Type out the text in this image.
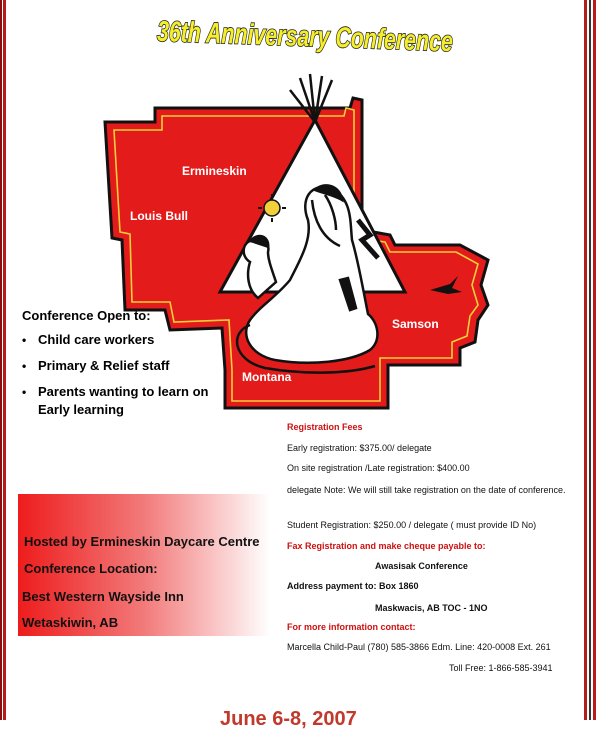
36th Anniversary Conference
Ermineskin
Louis Bull
Samson
Montana
Conference Open to:
• Child care workers
• Primary & Relief staff
• Parents wanting to learn on Early learning
Hosted by Ermineskin Daycare Centre
Conference Location:
Best Western Wayside Inn
Wetaskiwin, AB
Registration Fees
Early registration: $375.00/ delegate
On site registration /Late registration: $400.00
delegate Note: We will still take registration on the date of conference.
Student Registration: $250.00 / delegate ( must provide ID No)
Fax Registration and make cheque payable to:
Awasisak Conference
Address payment to: Box 1860
Maskwacis, AB TOC - 1NO
For more information contact:
Marcella Child-Paul (780) 585-3866 Edm. Line: 420-0008 Ext. 261
Toll Free: 1-866-585-3941
June 6-8, 2007
